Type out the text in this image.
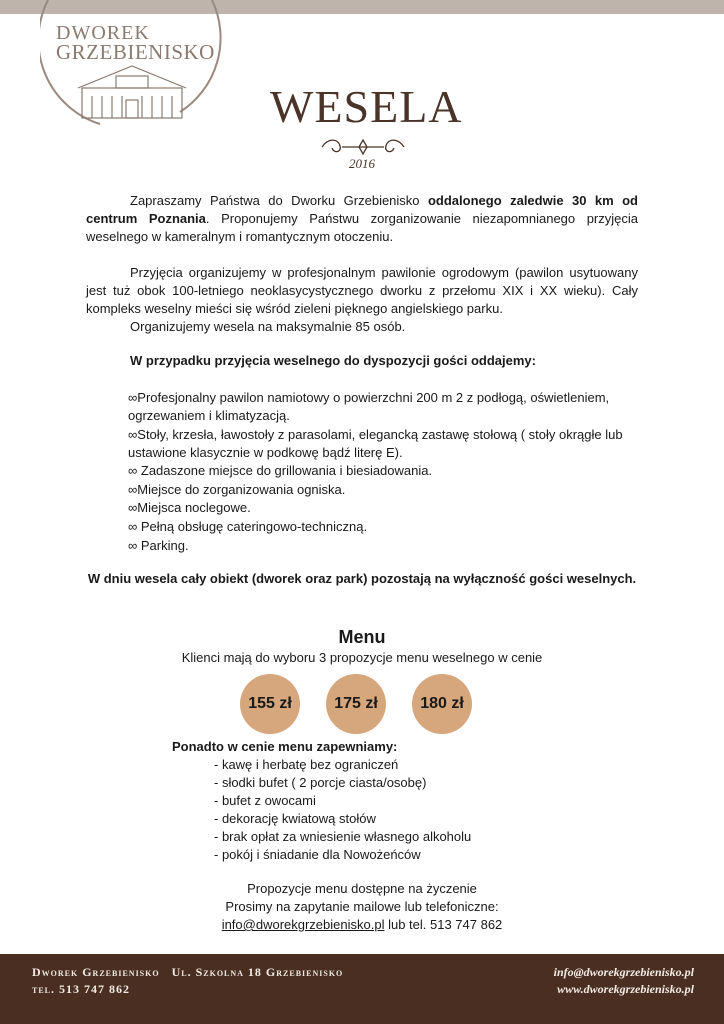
DWOREK
GRZEBIENISKO
WESELA
2016
Zapraszamy Państwa do Dworku Grzebienisko oddalonego zaledwie 30 km od centrum Poznania. Proponujemy Państwu zorganizowanie niezapomnianego przyjęcia weselnego w kameralnym i romantycznym otoczeniu.
Przyjęcia organizujemy w profesjonalnym pawilonie ogrodowym (pawilon usytuowany jest tuż obok 100-letniego neoklasycystycznego dworku z przełomu XIX i XX wieku). Cały kompleks weselny mieści się wśród zieleni pięknego angielskiego parku.
Organizujemy wesela na maksymalnie 85 osób.
W przypadku przyjęcia weselnego do dyspozycji gości oddajemy:
∞Profesjonalny pawilon namiotowy o powierzchni 200 m 2 z podłogą, oświetleniem, ogrzewaniem i klimatyzacją.
∞Stoły, krzesła, ławostoły z parasolami, elegancką zastawę stołową ( stoły okrągłe lub ustawione klasycznie w podkowę bądź literę E).
∞ Zadaszone miejsce do grillowania i biesiadowania.
∞Miejsce do zorganizowania ogniska.
∞Miejsca noclegowe.
∞ Pełną obsługę cateringowo-techniczną.
∞ Parking.
W dniu wesela cały obiekt (dworek oraz park) pozostają na wyłączność gości weselnych.
Menu
Klienci mają do wyboru 3 propozycje menu weselnego w cenie
155 zł	175 zł	180 zł
Ponadto w cenie menu zapewniamy:
- kawę i herbatę bez ograniczeń
- słodki bufet ( 2 porcje ciasta/osobę)
- bufet z owocami
- dekorację kwiatową stołów
- brak opłat za wniesienie własnego alkoholu
- pokój i śniadanie dla Nowożeńców
Propozycje menu dostępne na życzenie
Prosimy na zapytanie mailowe lub telefoniczne:
info@dworekgrzebienisko.pl lub tel. 513 747 862
Dworek Grzebienisko Ul. Szkolna 18 Grzebienisko
tel. 513 747 862
info@dworekgrzebienisko.pl
www.dworekgrzebienisko.pl
